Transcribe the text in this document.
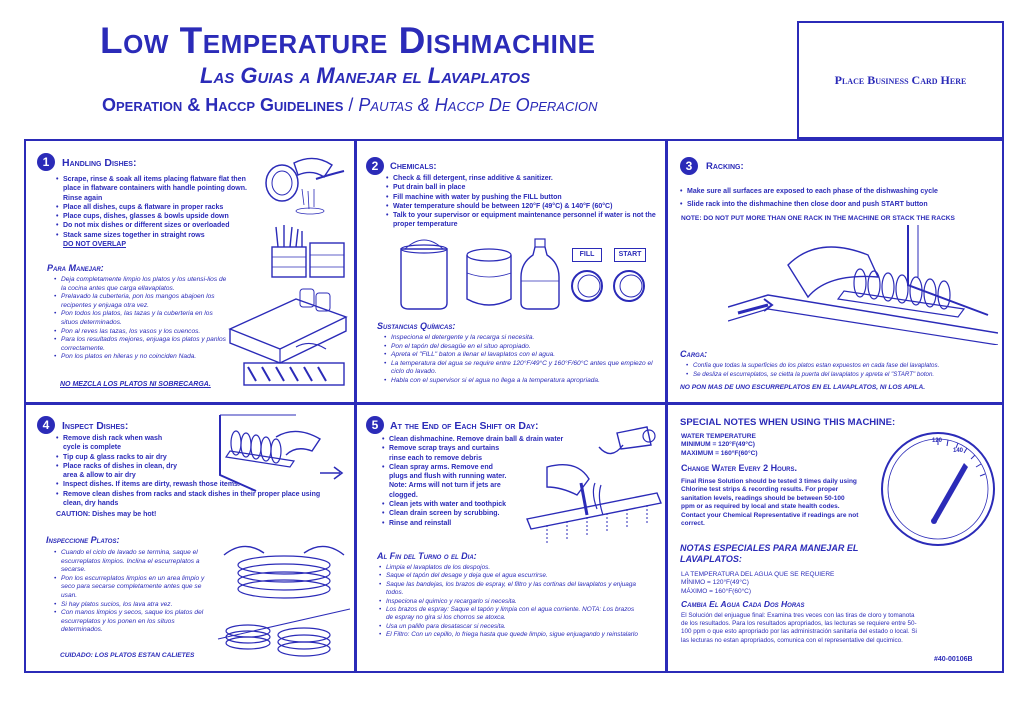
Low Temperature Dishmachine
Las Guias a Manejar el Lavaplatos
Operation & Haccp Guidelines / Pautas & Haccp De Operacion
Place Business Card Here
1	Handling Dishes:
• Scrape, rinse & soak all items placing flatware flat then place in flatware containers with handle pointing down. Rinse again
• Place all dishes, cups & flatware in proper racks
• Place cups, dishes, glasses & bowls upside down
• Do not mix dishes or different sizes or overloaded
• Stack same sizes together in straight rows
DO NOT OVERLAP
Para Manejar:
• Deja completamente limpio los platos y los utensi-lios de la cocina antes que carga ellavaplatos.
• Prelavado la cuberteria, pon los mangos abajoen los recipentes y enjuaga otra vez.
• Pon todos los platos, las tazas y la cuberteria en los situos determinados.
• Pon al reves las tazas, los vasos y los cuencos.
• Para los resultados mejores, enjuaga los platos y panlos correctamente.
• Pon los platos en hileras y no coinciden Nada.
NO MEZCLA LOS PLATOS NI SOBRECARGA.
2	Chemicals:
• Check & fill detergent, rinse additive & sanitizer.
• Put drain ball in place
• Fill machine with water by pushing the FILL button
• Water temperature should be between 120°F (49°C) & 140°F (60°C)
• Talk to your supervisor or equipment maintenance personnel if water is not the proper temperature
FILL	START
Sustancias Químicas:
• Inspeciona el detergente y la recarga si necesita.
• Pon el tapón del desagüe en el situo apropiado.
• Apreta el "FILL" baton a llenar el lavaplatos con el agua.
• La temperatura del agua se require entre 120°F/49°C y 160°F/60°C antes que empiezo el ciclo do lavado.
• Habla con el supervisor si el agua no llega a la temperatura apropriada.
3	Racking:
• Make sure all surfaces are exposed to each phase of the dishwashing cycle
• Slide rack into the dishmachine then close door and push START button
NOTE: DO NOT PUT MORE THAN ONE RACK IN THE MACHINE OR STACK THE RACKS
Carga:
• Confia que todas la superficies do los platos estan expuestos en cada fase del lavaplatos.
• Se desliza el escurreplatos, se cietta la puerta del lavaplatos y apreta el "START" boton.
NO PON MAS DE UNO ESCURREPLATOS EN EL LAVAPLATOS, NI LOS APILA.
4	Inspect Dishes:
• Remove dish rack when wash cycle is complete
• Tip cup & glass racks to air dry
• Place racks of dishes in clean, dry area & allow to air dry
• Inspect dishes. If items are dirty, rewash those items.
• Remove clean dishes from racks and stack dishes in their proper place using clean, dry hands
CAUTION: Dishes may be hot!
Inspeccione Platos:
• Cuando el ciclo de lavado se termina, saque el escurreplatos limpios. Inclina el escurreplatos a secarse.
• Pon los escurreplatos limpios en un area limpio y seco para secarse completamente antes que se usan.
• Si hay platos sucios, los lava atra vez.
• Con manos limpios y secos, saque los platos del escurreplatos y los ponen en los situos determinados.
CUIDADO: LOS PLATOS ESTAN CALIETES
5	At the End of Each Shift or Day:
• Clean dishmachine. Remove drain ball & drain water
• Remove scrap trays and curtains rinse each to remove debris
• Clean spray arms. Remove end plugs and flush with running water.
Note: Arms will not turn if jets are clogged.
• Clean jets with water and toothpick
• Clean drain screen by scrubbing.
• Rinse and reinstall
Al Fin del Turno o el Dia:
• Limpia el lavaplatos de los despojos.
• Saque el tapón del desage y deja que el agua escurrirse.
• Saque las bandejas, los brazos de espray, el filtro y las cortinas del lavaplatos y enjuaga todos.
• Inspeciona el quimico y recargarlo si necesita.
• Los brazos de espray: Saque el tapón y limpia con el agua corriente. NOTA: Los brazos de espray no gira si los chorros se atoxca.
• Usa un palillo para desatascar si necesita.
• El Filtro: Con un cepillo, lo friega hasta que quede limpio, sigue enjuagando y reinstalarlo
SPECIAL NOTES WHEN USING THIS MACHINE:
WATER TEMPERATURE
MINIMUM = 120°F(49°C)
MAXIMUM = 160°F(60°C)
Change Water Every 2 Hours.
Final Rinse Solution should be tested 3 times daily using Chlorine test strips & recording results. For proper sanitation levels, readings should be between 50-100 ppm or as required by local and state health codes. Contact your Chemical Representative if readings are not correct.
NOTAS ESPECIALES PARA MANEJAR EL LAVAPLATOS:
LA TEMPERATURA DEL AGUA QUE SE REQUIERE
MÍNIMO = 120°F(49°C)
MÁXIMO = 160°F(60°C)
Cambia El Agua Cada Dos Horas
El Solución del enjuague final: Examina tres veces con las tiras de cloro y tomanota de los resultados. Para los resultados apropriados, las lecturas se requiere entre 50-100 ppm o que esto apropriado por las administración sanitaria del estado o local. Si las lecturas no estan apropriados, comunica con el representative del qucimico.
#40-00106B
120
140
